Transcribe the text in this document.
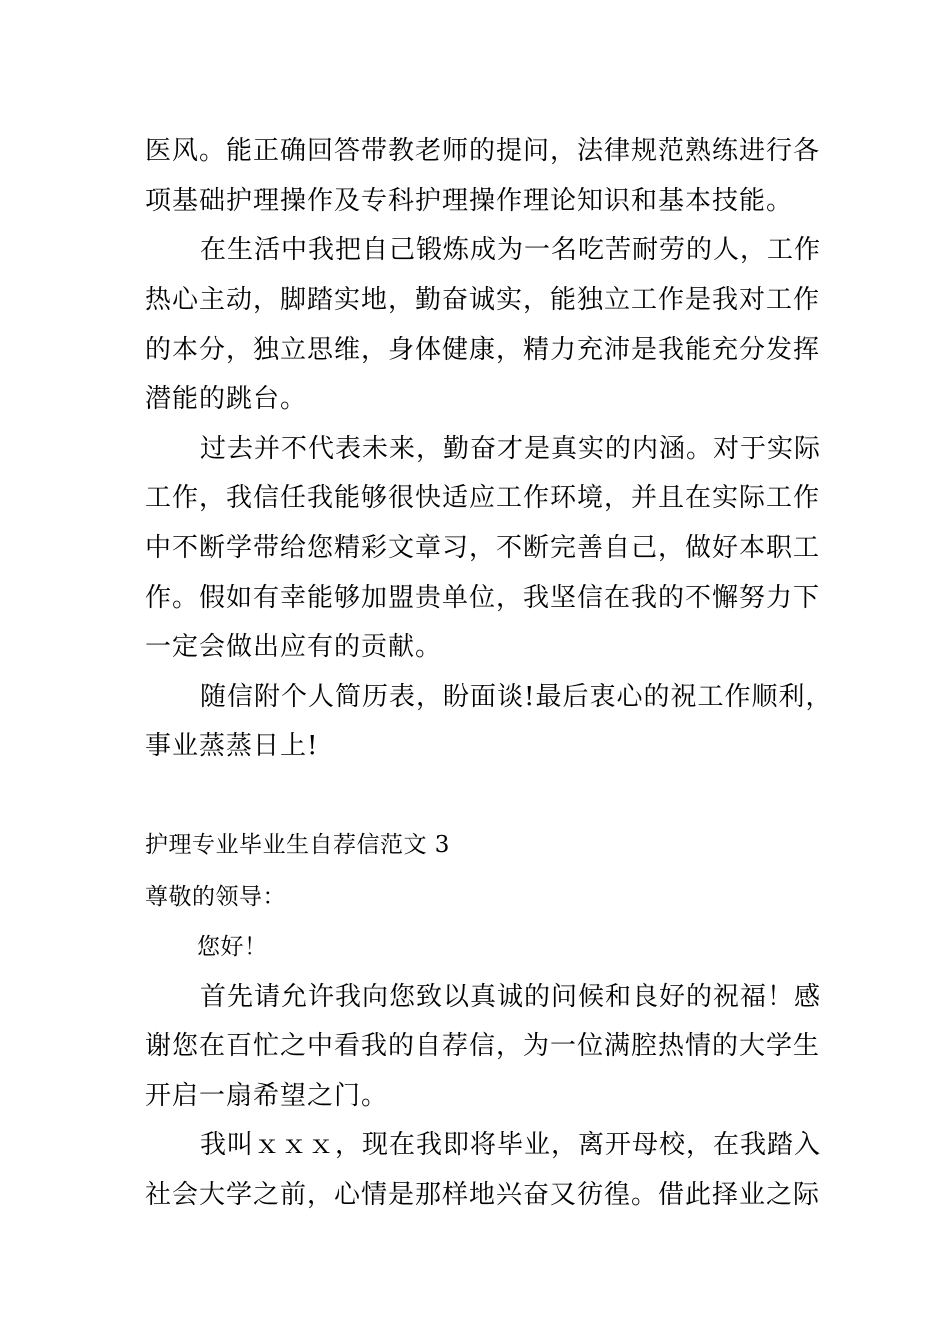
医风。能正确回答带教老师的提问，法律规范熟练进行各
项基础护理操作及专科护理操作理论知识和基本技能。
在生活中我把自己锻炼成为一名吃苦耐劳的人，工作
热心主动，脚踏实地，勤奋诚实，能独立工作是我对工作
的本分，独立思维，身体健康，精力充沛是我能充分发挥
潜能的跳台。
过去并不代表未来，勤奋才是真实的内涵。对于实际
工作，我信任我能够很快适应工作环境，并且在实际工作
中不断学带给您精彩文章习，不断完善自己，做好本职工
作。假如有幸能够加盟贵单位，我坚信在我的不懈努力下
一定会做出应有的贡献。
随信附个人简历表，盼面谈!最后衷心的祝工作顺利，
事业蒸蒸日上!
护理专业毕业生自荐信范文 3
尊敬的领导：
您好！
首先请允许我向您致以真诚的问候和良好的祝福！感
谢您在百忙之中看我的自荐信，为一位满腔热情的大学生
开启一扇希望之门。
我叫ｘｘｘ，现在我即将毕业，离开母校，在我踏入
社会大学之前，心情是那样地兴奋又彷徨。借此择业之际
